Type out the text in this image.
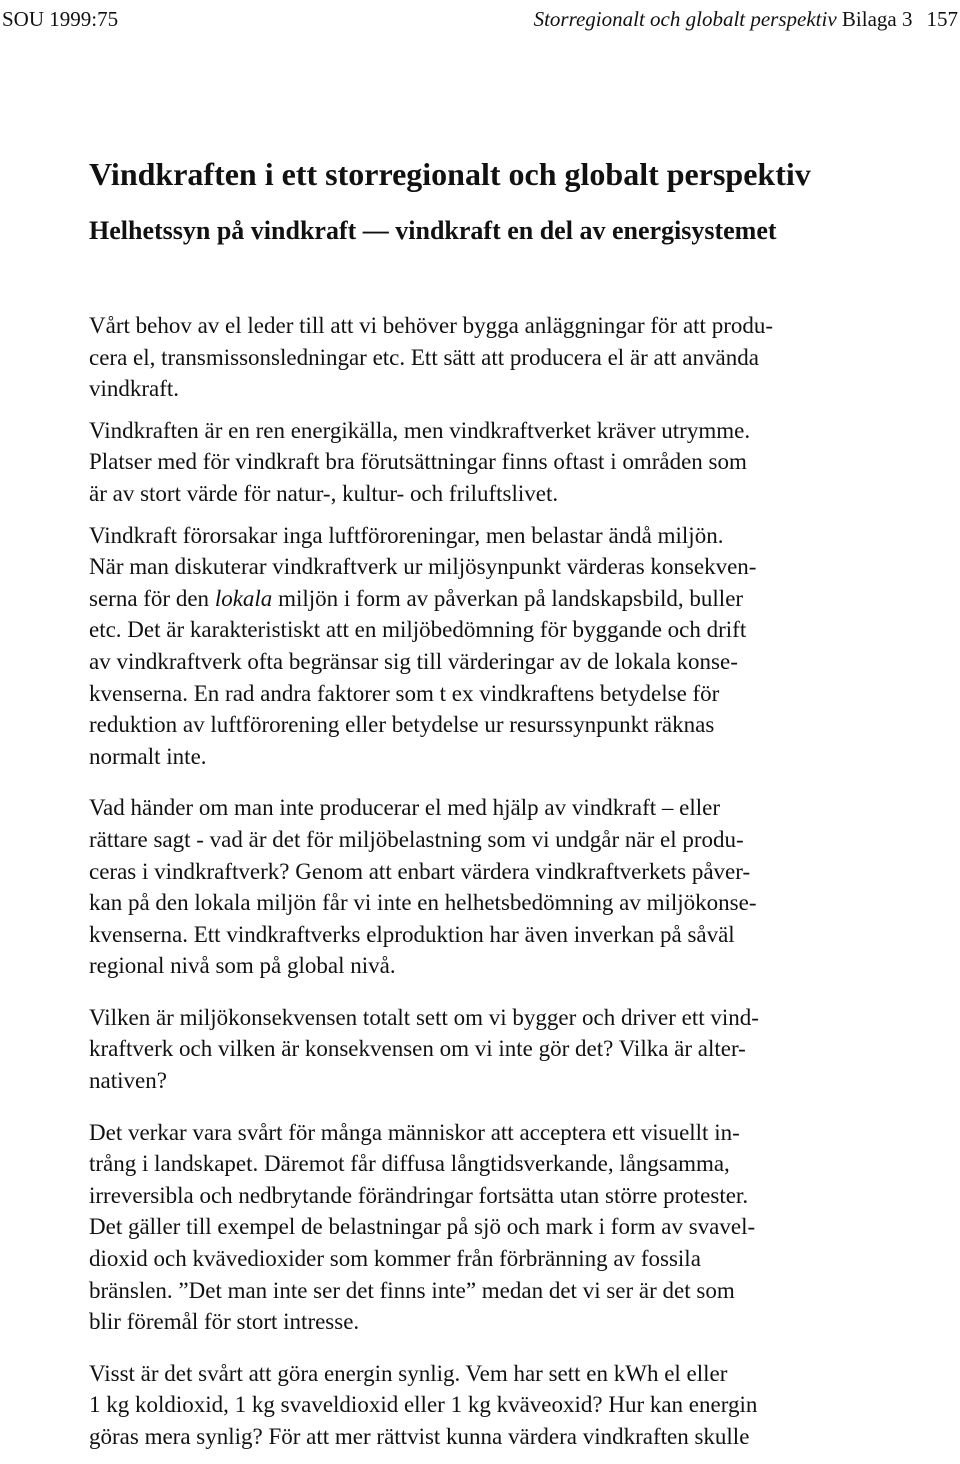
SOU 1999:75	Storregionalt och globalt perspektiv Bilaga 3 157
Vindkraften i ett storregionalt och globalt perspektiv
Helhetssyn på vindkraft ― vindkraft en del av energisystemet

Vårt behov av el leder till att vi behöver bygga anläggningar för att produ-
cera el, transmissonsledningar etc. Ett sätt att producera el är att använda
vindkraft.

Vindkraften är en ren energikälla, men vindkraftverket kräver utrymme.
Platser med för vindkraft bra förutsättningar finns oftast i områden som
är av stort värde för natur-, kultur- och friluftslivet.

Vindkraft förorsakar inga luftföroreningar, men belastar ändå miljön.
När man diskuterar vindkraftverk ur miljösynpunkt värderas konsekven-
serna för den lokala miljön i form av påverkan på landskapsbild, buller
etc. Det är karakteristiskt att en miljöbedömning för byggande och drift
av vindkraftverk ofta begränsar sig till värderingar av de lokala konse-
kvenserna. En rad andra faktorer som t ex vindkraftens betydelse för
reduktion av luftförorening eller betydelse ur resurssynpunkt räknas
normalt inte.

Vad händer om man inte producerar el med hjälp av vindkraft – eller
rättare sagt - vad är det för miljöbelastning som vi undgår när el produ-
ceras i vindkraftverk? Genom att enbart värdera vindkraftverkets påver-
kan på den lokala miljön får vi inte en helhetsbedömning av miljökonse-
kvenserna. Ett vindkraftverks elproduktion har även inverkan på såväl
regional nivå som på global nivå.

Vilken är miljökonsekvensen totalt sett om vi bygger och driver ett vind-
kraftverk och vilken är konsekvensen om vi inte gör det? Vilka är alter-
nativen?

Det verkar vara svårt för många människor att acceptera ett visuellt in-
trång i landskapet. Däremot får diffusa långtidsverkande, långsamma,
irreversibla och nedbrytande förändringar fortsätta utan större protester.
Det gäller till exempel de belastningar på sjö och mark i form av svavel-
dioxid och kvävedioxider som kommer från förbränning av fossila
bränslen. ”Det man inte ser det finns inte” medan det vi ser är det som
blir föremål för stort intresse.

Visst är det svårt att göra energin synlig. Vem har sett en kWh el eller
1 kg koldioxid, 1 kg svaveldioxid eller 1 kg kväveoxid? Hur kan energin
göras mera synlig? För att mer rättvist kunna värdera vindkraften skulle
